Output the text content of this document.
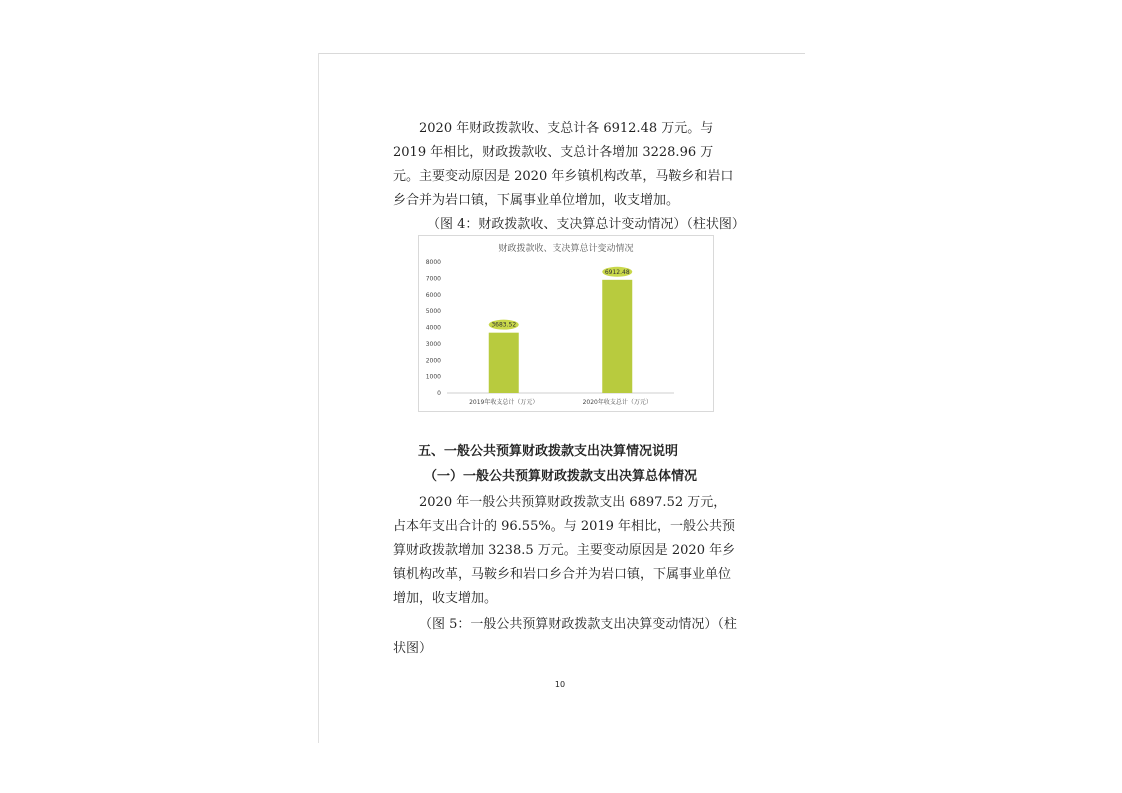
2020 年财政拨款收、支总计各 6912.48 万元。与 2019 年相比，财政拨款收、支总计各增加 3228.96 万元。主要变动原因是 2020 年乡镇机构改革，马鞍乡和岩口乡合并为岩口镇，下属事业单位增加，收支增加。

（图 4：财政拨款收、支决算总计变动情况）（柱状图）

财政拨款收、支决算总计变动情况
0
1000
2000
3000
4000
5000
6000
7000
8000
3683.52
2019年收支总计（万元）
6912.48
2020年收支总计（万元）

五、一般公共预算财政拨款支出决算情况说明

（一）一般公共预算财政拨款支出决算总体情况

2020 年一般公共预算财政拨款支出 6897.52 万元，占本年支出合计的 96.55%。与 2019 年相比，一般公共预算财政拨款增加 3238.5 万元。主要变动原因是 2020 年乡镇机构改革，马鞍乡和岩口乡合并为岩口镇，下属事业单位增加，收支增加。

（图 5：一般公共预算财政拨款支出决算变动情况）（柱状图）

10
